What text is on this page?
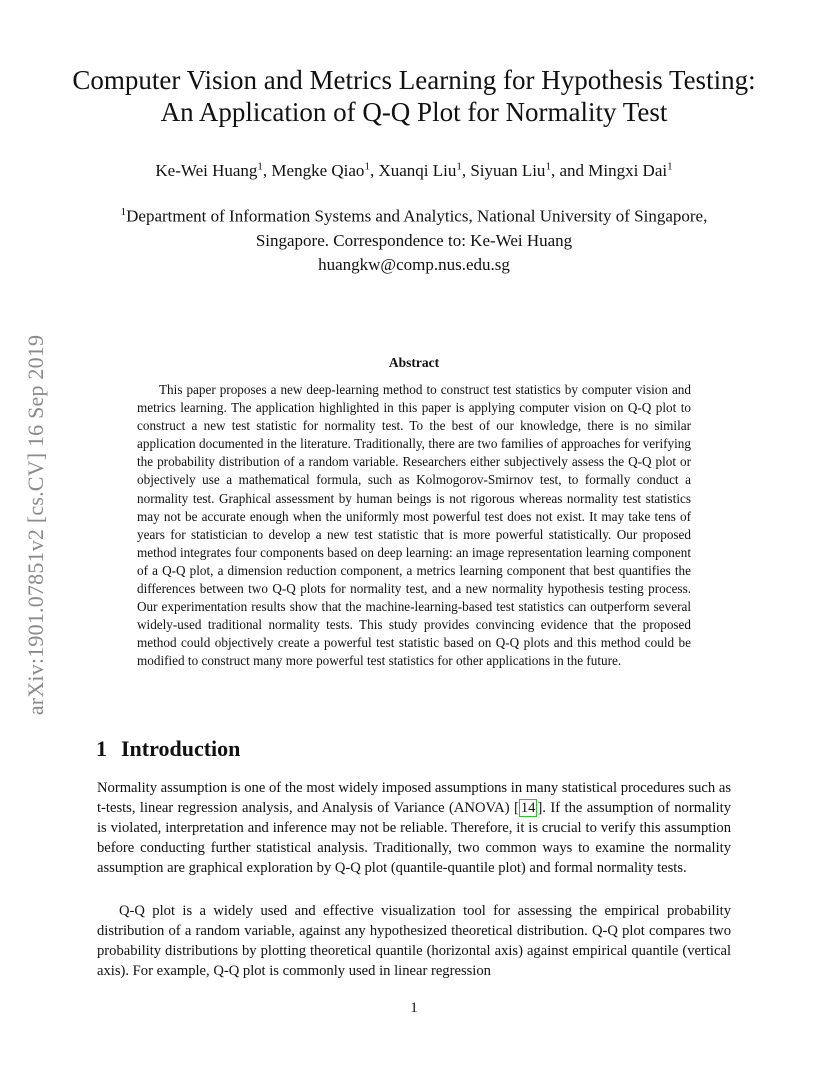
arXiv:1901.07851v2 [cs.CV] 16 Sep 2019
Computer Vision and Metrics Learning for Hypothesis Testing: An Application of Q-Q Plot for Normality Test
Ke-Wei Huang$^1$, Mengke Qiao$^1$, Xuanqi Liu$^1$, Siyuan Liu$^1$, and Mingxi Dai$^1$
$^1$Department of Information Systems and Analytics, National University of Singapore, Singapore. Correspondence to: Ke-Wei Huang
huangkw@comp.nus.edu.sg
Abstract

This paper proposes a new deep-learning method to construct test statistics by computer vision and metrics learning. The application highlighted in this paper is applying computer vision on Q-Q plot to construct a new test statistic for normality test. To the best of our knowledge, there is no similar application documented in the literature. Traditionally, there are two families of approaches for verifying the probability distribution of a random variable. Researchers either subjectively assess the Q-Q plot or objectively use a mathematical formula, such as Kolmogorov-Smirnov test, to formally conduct a normality test. Graphical assessment by human beings is not rigorous whereas normality test statistics may not be accurate enough when the uniformly most powerful test does not exist. It may take tens of years for statistician to develop a new test statistic that is more powerful statistically. Our proposed method integrates four components based on deep learning: an image representation learning component of a Q-Q plot, a dimension reduction component, a metrics learning component that best quantifies the differences between two Q-Q plots for normality test, and a new normality hypothesis testing process. Our experimentation results show that the machine-learning-based test statistics can outperform several widely-used traditional normality tests. This study provides convincing evidence that the proposed method could objectively create a powerful test statistic based on Q-Q plots and this method could be modified to construct many more powerful test statistics for other applications in the future.

1 Introduction

Normality assumption is one of the most widely imposed assumptions in many statistical procedures such as t-tests, linear regression analysis, and Analysis of Variance (ANOVA) [ 14 ]. If the assumption of normality is violated, interpretation and inference may not be reliable. Therefore, it is crucial to verify this assumption before conducting further statistical analysis. Traditionally, two common ways to examine the normality assumption are graphical exploration by Q-Q plot (quantile-quantile plot) and formal normality tests.

Q-Q plot is a widely used and effective visualization tool for assessing the empirical probability distribution of a random variable, against any hypothesized theoretical distribution. Q-Q plot compares two probability distributions by plotting theoretical quantile (horizontal axis) against empirical quantile (vertical axis). For example, Q-Q plot is commonly used in linear regression

1
